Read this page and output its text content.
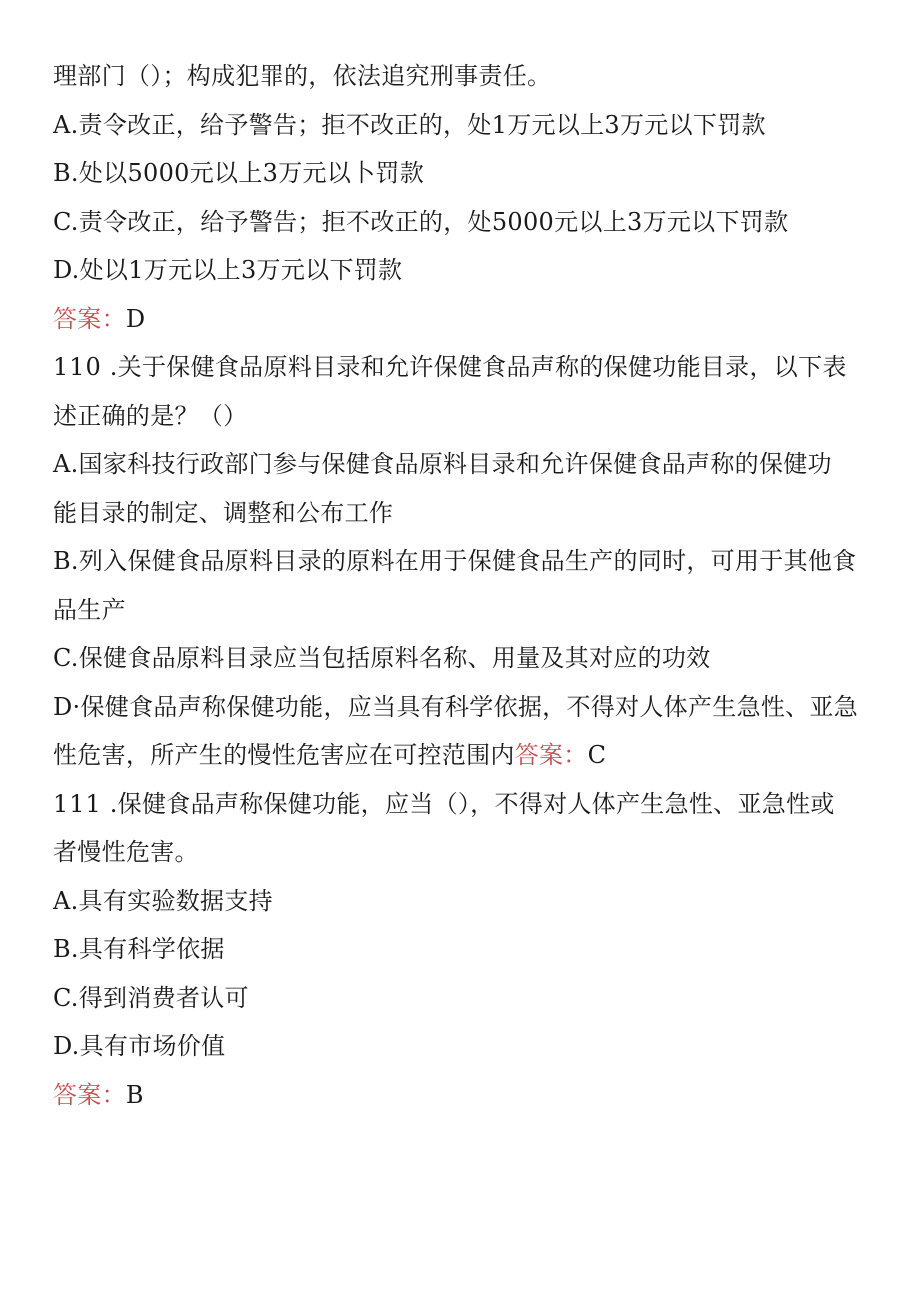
理部门（）；构成犯罪的，依法追究刑事责任。
A.责令改正，给予警告；拒不改正的，处1万元以上3万元以下罚款
B.处以5000元以上3万元以卜罚款
C.责令改正，给予警告；拒不改正的，处5000元以上3万元以下罚款
D.处以1万元以上3万元以下罚款
答案：D
110 .关于保健食品原料目录和允许保健食品声称的保健功能目录，以下表
述正确的是？（）
A.国家科技行政部门参与保健食品原料目录和允许保健食品声称的保健功
能目录的制定、调整和公布工作
B.列入保健食品原料目录的原料在用于保健食品生产的同时，可用于其他食
品生产
C.保健食品原料目录应当包括原料名称、用量及其对应的功效
D·保健食品声称保健功能，应当具有科学依据，不得对人体产生急性、亚急
性危害，所产生的慢性危害应在可控范围内答案：C
111 .保健食品声称保健功能，应当（），不得对人体产生急性、亚急性或
者慢性危害。
A.具有实验数据支持
B.具有科学依据
C.得到消费者认可
D.具有市场价值
答案：B
